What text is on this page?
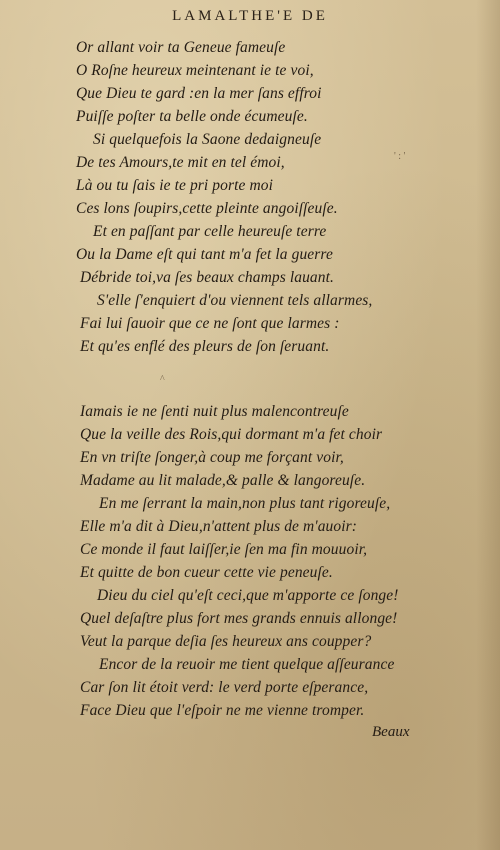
LAMALTHE'E DE
Or allant voir ta Geneue fameuſe
O Roſne heureux meintenant ie te voi,
Que Dieu te gard :en la mer ſans effroi
Puiſſe poſter ta belle onde écumeuſe.
Si quelquefois la Saone dedaigneuſe
De tes Amours,te mit en tel émoi,
Là ou tu ſais ie te pri porte moi
Ces lons ſoupirs,cette pleinte angoiſſeuſe.
Et en paſſant par celle heureuſe terre
Ou la Dame eſt qui tant m'a fet la guerre
Débride toi,va ſes beaux champs lauant.
S'elle ſ'enquiert d'ou viennent tels allarmes,
Fai lui ſauoir que ce ne ſont que larmes :
Et qu'es enflé des pleurs de ſon ſeruant.
Iamais ie ne ſenti nuit plus malencontreuſe
Que la veille des Rois,qui dormant m'a fet choir
En vn triſte ſonger,à coup me forçant voir,
Madame au lit malade,& palle & langoreuſe.
En me ſerrant la main,non plus tant rigoreuſe,
Elle m'a dit à Dieu,n'attent plus de m'auoir:
Ce monde il faut laiſſer,ie ſen ma fin mouuoir,
Et quitte de bon cueur cette vie peneuſe.
Dieu du ciel qu'eſt ceci,que m'apporte ce ſonge!
Quel deſaſtre plus fort mes grands ennuis allonge!
Veut la parque deſia ſes heureux ans coupper?
Encor de la reuoir me tient quelque aſſeurance
Car ſon lit étoit verd: le verd porte eſperance,
Face Dieu que l'eſpoir ne me vienne tromper.
Beaux
' : '
^
